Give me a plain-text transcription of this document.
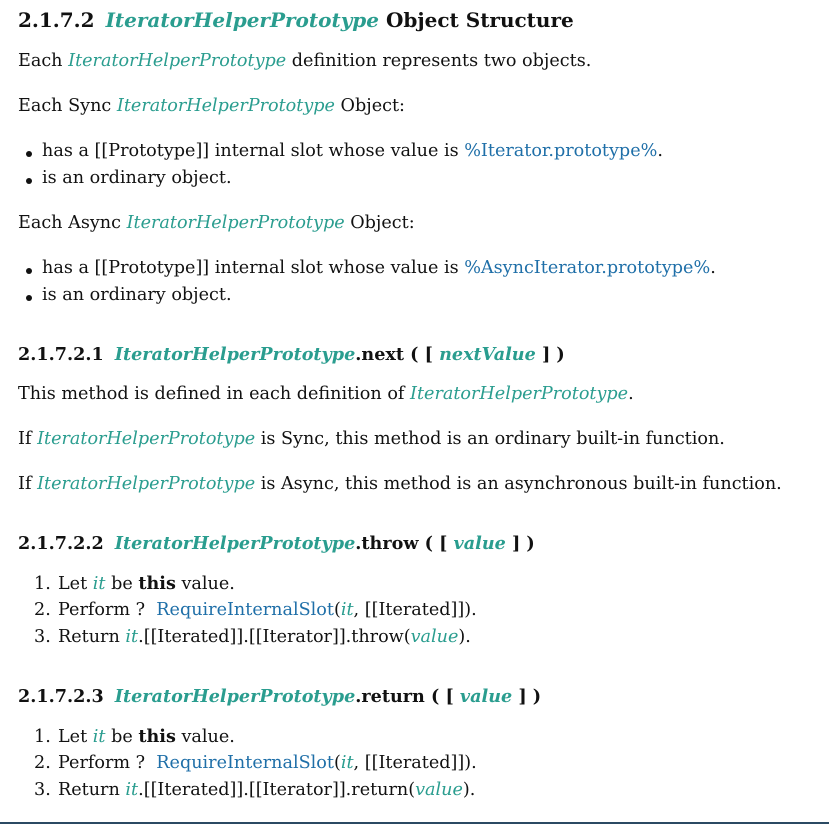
2.1.7.2 IteratorHelperPrototype Object Structure

Each IteratorHelperPrototype definition represents two objects.

Each Sync IteratorHelperPrototype Object:

has a [[Prototype]] internal slot whose value is %Iterator.prototype%.
is an ordinary object.

Each Async IteratorHelperPrototype Object:

has a [[Prototype]] internal slot whose value is %AsyncIterator.prototype%.
is an ordinary object.
2.1.7.2.1 IteratorHelperPrototype.next ( [ nextValue ] )

This method is defined in each definition of IteratorHelperPrototype.

If IteratorHelperPrototype is Sync, this method is an ordinary built-in function.

If IteratorHelperPrototype is Async, this method is an asynchronous built-in function.

2.1.7.2.2 IteratorHelperPrototype.throw ( [ value ] )
1. Let it be this value.
2. Perform ? RequireInternalSlot(it, [[Iterated]]).
3. Return it.[[Iterated]].[[Iterator]].throw(value).
2.1.7.2.3 IteratorHelperPrototype.return ( [ value ] )
1. Let it be this value.
2. Perform ? RequireInternalSlot(it, [[Iterated]]).
3. Return it.[[Iterated]].[[Iterator]].return(value).
